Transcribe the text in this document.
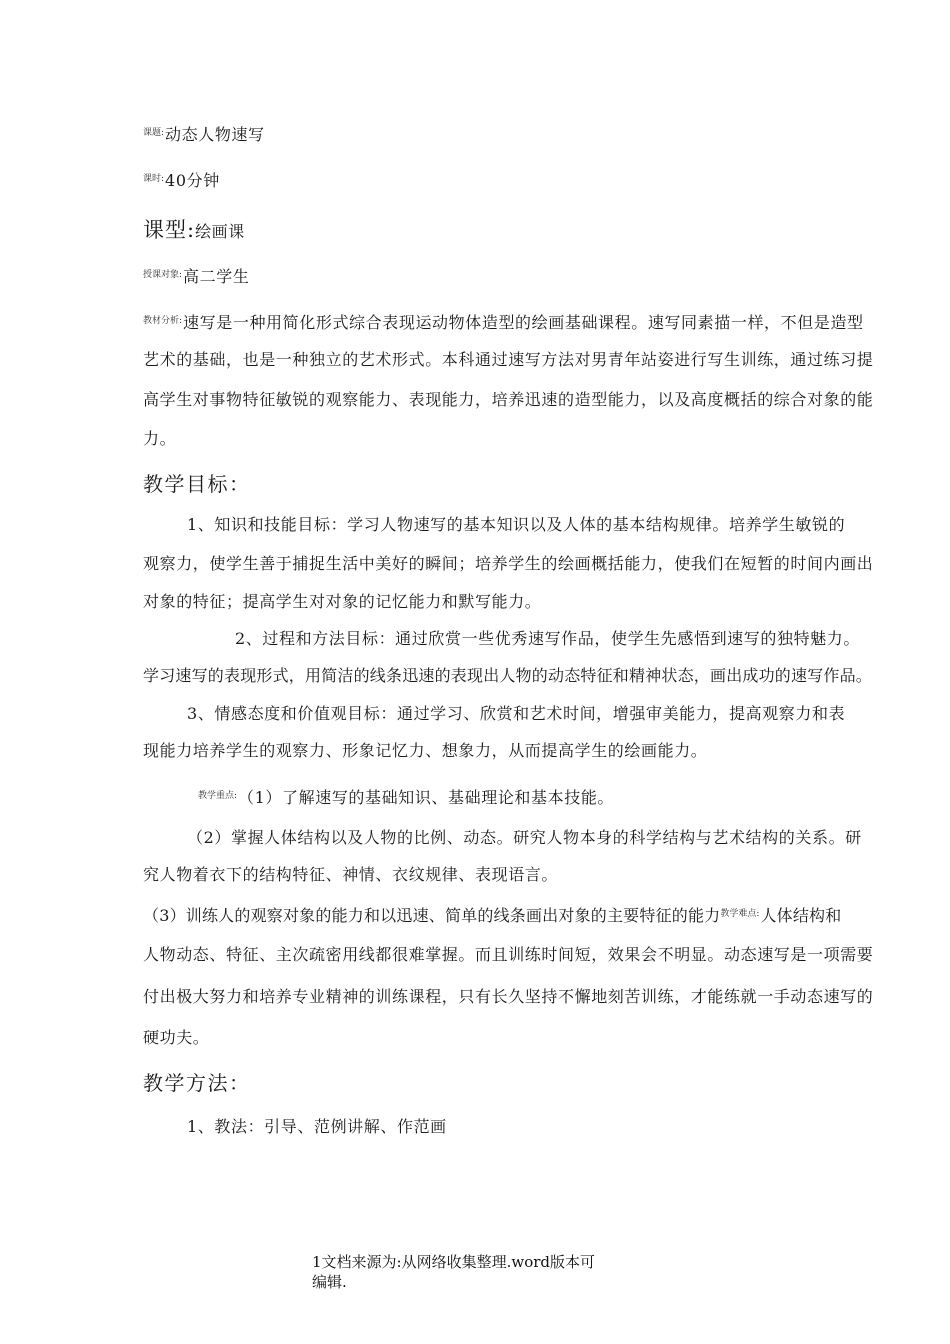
$^{课题:}$动态人物速写
$^{课时:}$40分钟
课型:绘画课
$^{授课对象:}$高二学生
$^{教材分析:}$速写是一种用简化形式综合表现运动物体造型的绘画基础课程。速写同素描一样，不但是造型
艺术的基础，也是一种独立的艺术形式。本科通过速写方法对男青年站姿进行写生训练，通过练习提
高学生对事物特征敏锐的观察能力、表现能力，培养迅速的造型能力，以及高度概括的综合对象的能
力。
教学目标：
1、知识和技能目标：学习人物速写的基本知识以及人体的基本结构规律。培养学生敏锐的
观察力，使学生善于捕捉生活中美好的瞬间；培养学生的绘画概括能力，使我们在短暂的时间内画出
对象的特征；提高学生对对象的记忆能力和默写能力。
2、过程和方法目标：通过欣赏一些优秀速写作品，使学生先感悟到速写的独特魅力。
学习速写的表现形式，用简洁的线条迅速的表现出人物的动态特征和精神状态，画出成功的速写作品。
3、情感态度和价值观目标：通过学习、欣赏和艺术时间，增强审美能力，提高观察力和表
现能力培养学生的观察力、形象记忆力、想象力，从而提高学生的绘画能力。
$^{教学重点:}$（1）了解速写的基础知识、基础理论和基本技能。
（2）掌握人体结构以及人物的比例、动态。研究人物本身的科学结构与艺术结构的关系。研
究人物着衣下的结构特征、神情、衣纹规律、表现语言。
（3）训练人的观察对象的能力和以迅速、简单的线条画出对象的主要特征的能力$^{教学难点:}$人体结构和
人物动态、特征、主次疏密用线都很难掌握。而且训练时间短，效果会不明显。动态速写是一项需要
付出极大努力和培养专业精神的训练课程，只有长久坚持不懈地刻苦训练，才能练就一手动态速写的
硬功夫。
教学方法：
1、教法：引导、范例讲解、作范画
1文档来源为:从网络收集整理.word版本可
编辑.
